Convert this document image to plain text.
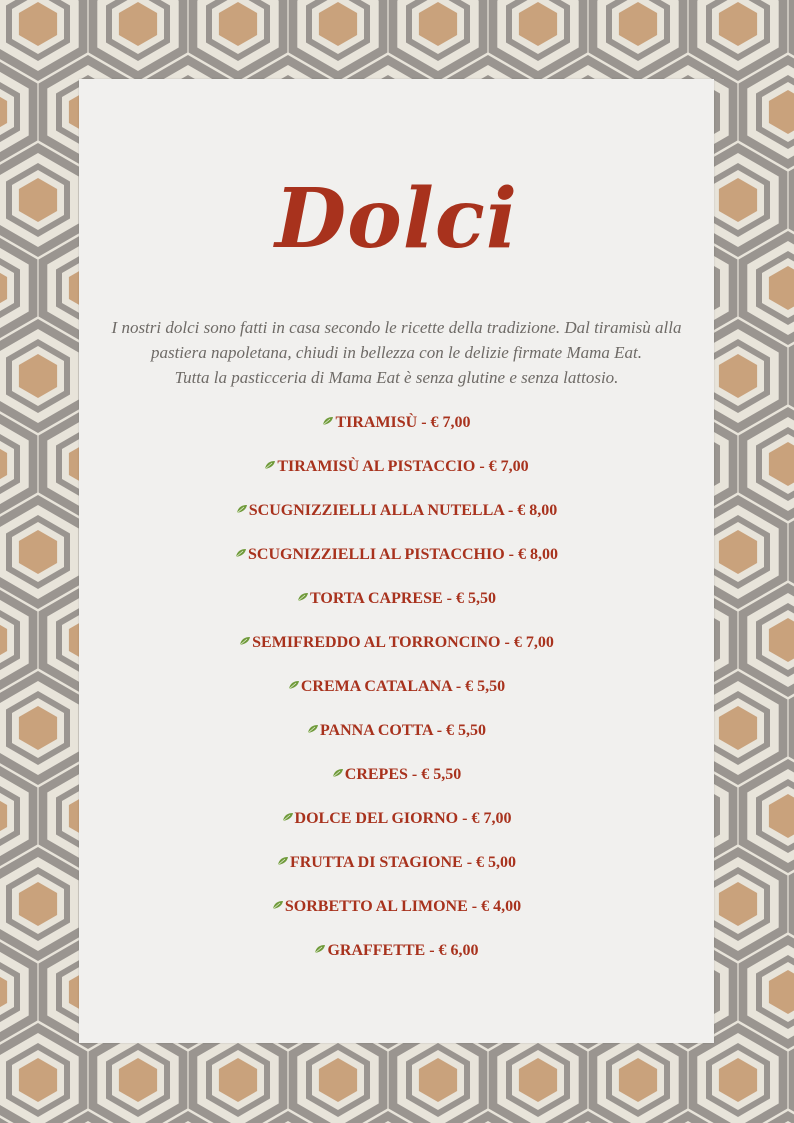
Dolci
I nostri dolci sono fatti in casa secondo le ricette della tradizione. Dal tiramisù alla
pastiera napoletana, chiudi in bellezza con le delizie firmate Mama Eat.
Tutta la pasticceria di Mama Eat è senza glutine e senza lattosio.
TIRAMISÙ - € 7,00
TIRAMISÙ AL PISTACCIO - € 7,00
SCUGNIZZIELLI ALLA NUTELLA - € 8,00
SCUGNIZZIELLI AL PISTACCHIO - € 8,00
TORTA CAPRESE - € 5,50
SEMIFREDDO AL TORRONCINO - € 7,00
CREMA CATALANA - € 5,50
PANNA COTTA - € 5,50
CREPES - € 5,50
DOLCE DEL GIORNO - € 7,00
FRUTTA DI STAGIONE - € 5,00
SORBETTO AL LIMONE - € 4,00
GRAFFETTE - € 6,00
